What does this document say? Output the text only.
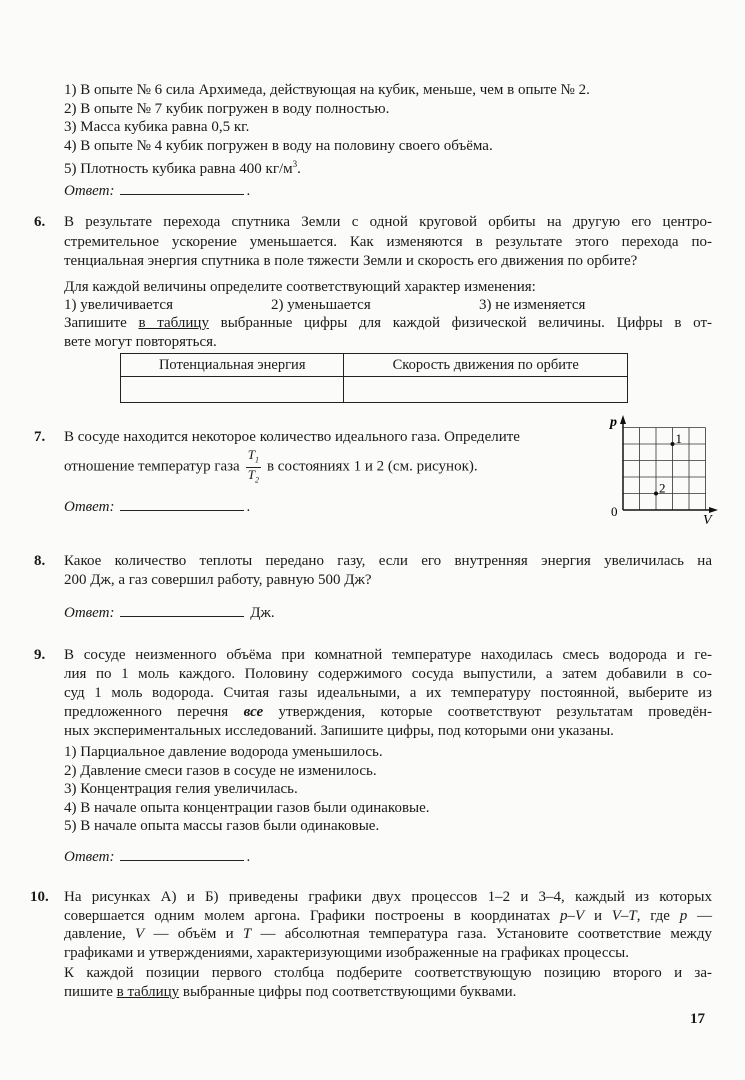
1) В опыте № 6 сила Архимеда, действующая на кубик, меньше, чем в опыте № 2.
2) В опыте № 7 кубик погружен в воду полностью.
3) Масса кубика равна 0,5 кг.
4) В опыте № 4 кубик погружен в воду на половину своего объёма.
5) Плотность кубика равна 400 $кг/м^3$.
Ответ:	.
6. В результате перехода спутника Земли с одной круговой орбиты на другую его центро-
стремительное ускорение уменьшается. Как изменяются в результате этого перехода по-
тенциальная энергия спутника в поле тяжести Земли и скорость его движения по орбите?
Для каждой величины определите соответствующий характер изменения:
1) увеличивается	2) уменьшается	3) не изменяется
Запишите в таблицу выбранные цифры для каждой физической величины. Цифры в от-
вете могут повторяться.
Потенциальная энергия	Скорость движения по орбите

7. В сосуде находится некоторое количество идеального газа. Определите
отношение температур газа $\frac{T_1}{T_2}$ в состояниях 1 и 2 (см. рисунок).
Ответ:	.
p
V
0
1
2
8. Какое количество теплоты передано газу, если его внутренняя энергия увеличилась на
200 Дж, а газ совершил работу, равную 500 Дж?
Ответ:	Дж.
9. В сосуде неизменного объёма при комнатной температуре находилась смесь водорода и ге-
лия по 1 моль каждого. Половину содержимого сосуда выпустили, а затем добавили в со-
суд 1 моль водорода. Считая газы идеальными, а их температуру постоянной, выберите из
предложенного перечня все утверждения, которые соответствуют результатам проведён-
ных экспериментальных исследований. Запишите цифры, под которыми они указаны.
1) Парциальное давление водорода уменьшилось.
2) Давление смеси газов в сосуде не изменилось.
3) Концентрация гелия увеличилась.
4) В начале опыта концентрации газов были одинаковые.
5) В начале опыта массы газов были одинаковые.
Ответ:	.
10. На рисунках А) и Б) приведены графики двух процессов 1–2 и 3–4, каждый из которых
совершается одним молем аргона. Графики построены в координатах p–V и V–T, где p —
давление, V — объём и T — абсолютная температура газа. Установите соответствие между
графиками и утверждениями, характеризующими изображенные на графиках процессы.
К каждой позиции первого столбца подберите соответствующую позицию второго и за-
пишите в таблицу выбранные цифры под соответствующими буквами.
17
